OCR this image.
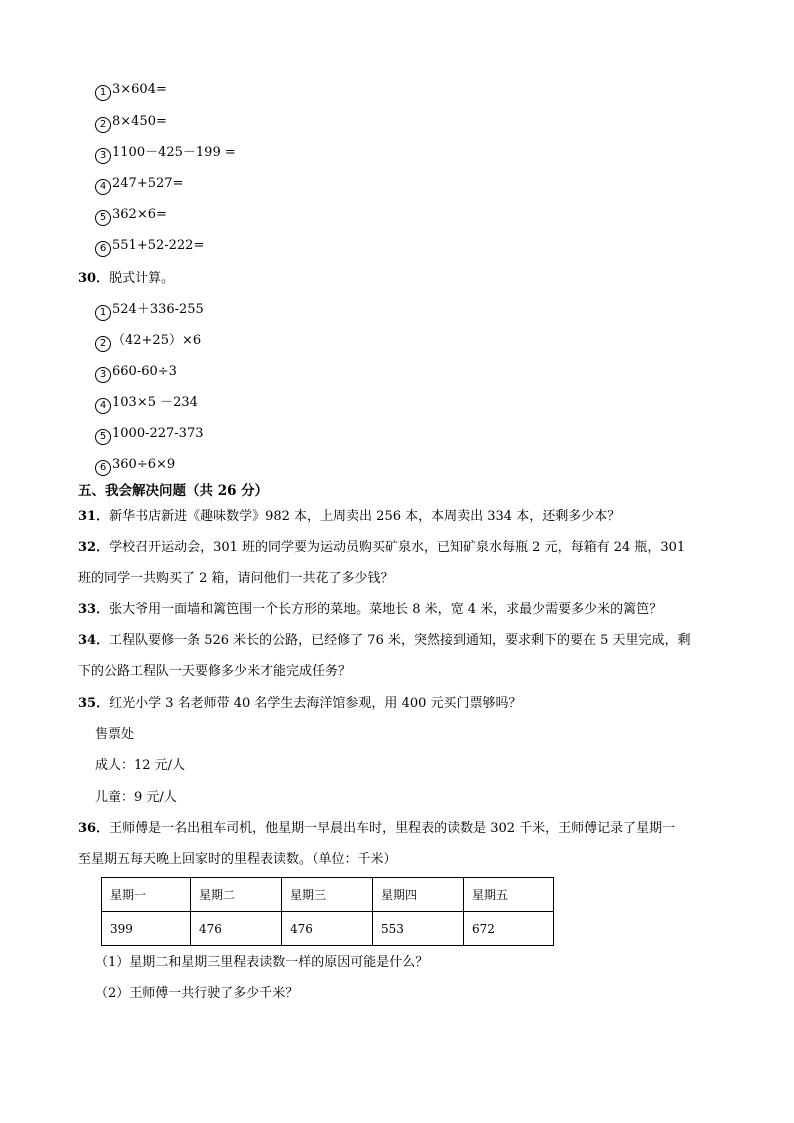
1 3×604=
2 8×450=
3 1100－425－199 =
4 247+527=
5 362×6=
6 551+52-222=
30．脱式计算。
1 524＋336-255
2 （42+25）×6
3 660-60÷3
4 103×5 －234
5 1000-227-373
6 360÷6×9
五、我会解决问题（共 26 分）
31．新华书店新进《趣味数学》982 本，上周卖出 256 本，本周卖出 334 本，还剩多少本？
32．学校召开运动会，301 班的同学要为运动员购买矿泉水，已知矿泉水每瓶 2 元，每箱有 24 瓶，301
班的同学一共购买了 2 箱，请问他们一共花了多少钱？
33．张大爷用一面墙和篱笆围一个长方形的菜地。菜地长 8 米，宽 4 米，求最少需要多少米的篱笆？
34．工程队要修一条 526 米长的公路，已经修了 76 米，突然接到通知，要求剩下的要在 5 天里完成，剩
下的公路工程队一天要修多少米才能完成任务？
35．红光小学 3 名老师带 40 名学生去海洋馆参观，用 400 元买门票够吗？
售票处
成人：12 元/人
儿童：9 元/人
36．王师傅是一名出租车司机，他星期一早晨出车时，里程表的读数是 302 千米，王师傅记录了星期一
至星期五每天晚上回家时的里程表读数。（单位：千米）
星期一	星期二	星期三	星期四	星期五
399	476	476	553	672
（1）星期二和星期三里程表读数一样的原因可能是什么？
（2）王师傅一共行驶了多少千米？
